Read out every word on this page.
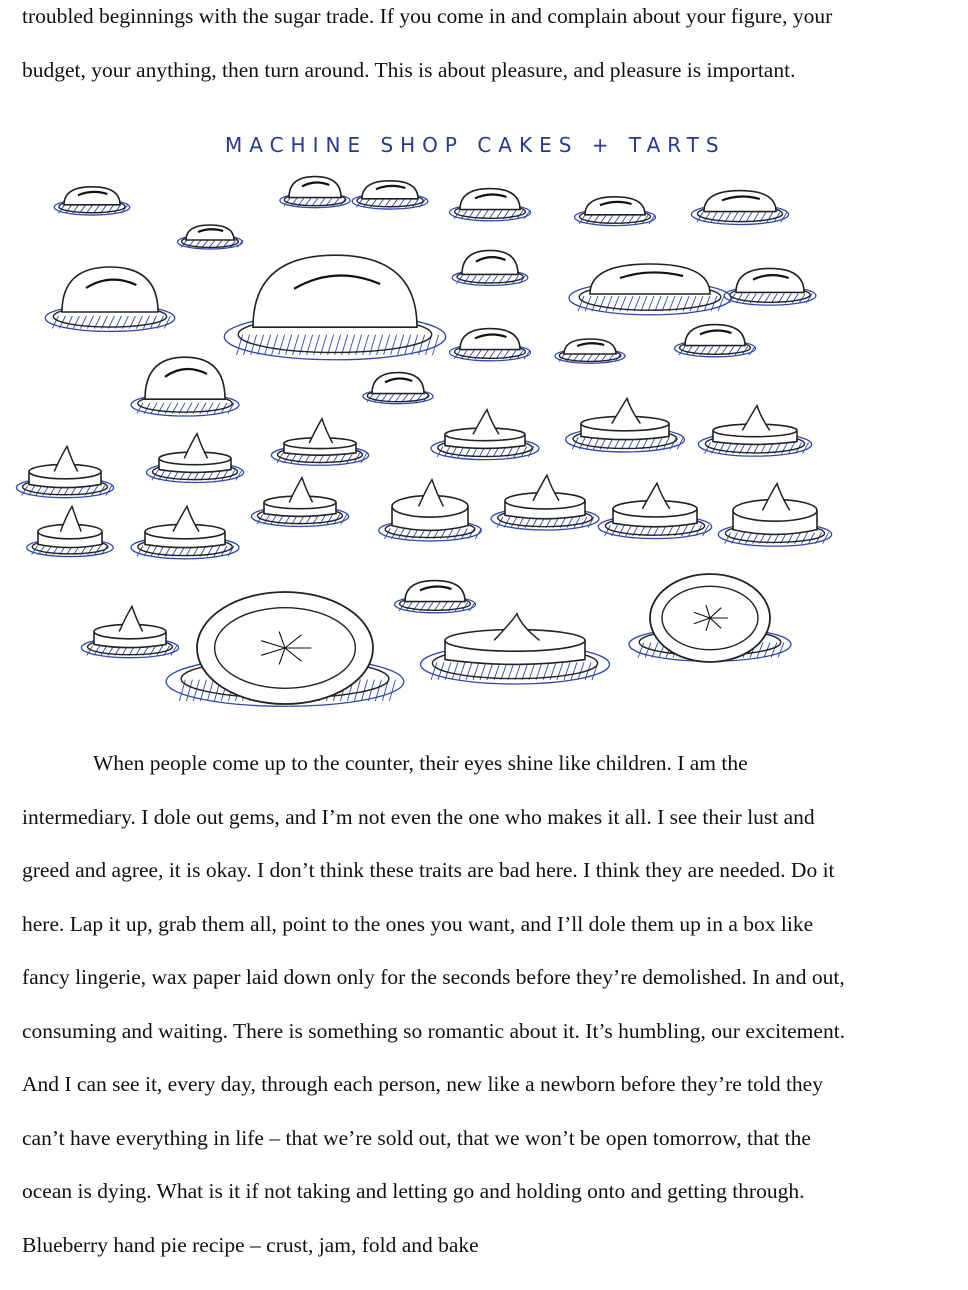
troubled beginnings with the sugar trade. If you come in and complain about your figure, your
budget, your anything, then turn around. This is about pleasure, and pleasure is important.

MACHINE SHOP CAKES + TARTS

When people come up to the counter, their eyes shine like children. I am the
intermediary. I dole out gems, and I’m not even the one who makes it all. I see their lust and
greed and agree, it is okay. I don’t think these traits are bad here. I think they are needed. Do it
here. Lap it up, grab them all, point to the ones you want, and I’ll dole them up in a box like
fancy lingerie, wax paper laid down only for the seconds before they’re demolished. In and out,
consuming and waiting. There is something so romantic about it. It’s humbling, our excitement.
And I can see it, every day, through each person, new like a newborn before they’re told they
can’t have everything in life – that we’re sold out, that we won’t be open tomorrow, that the
ocean is dying. What is it if not taking and letting go and holding onto and getting through.
Blueberry hand pie recipe – crust, jam, fold and bake
